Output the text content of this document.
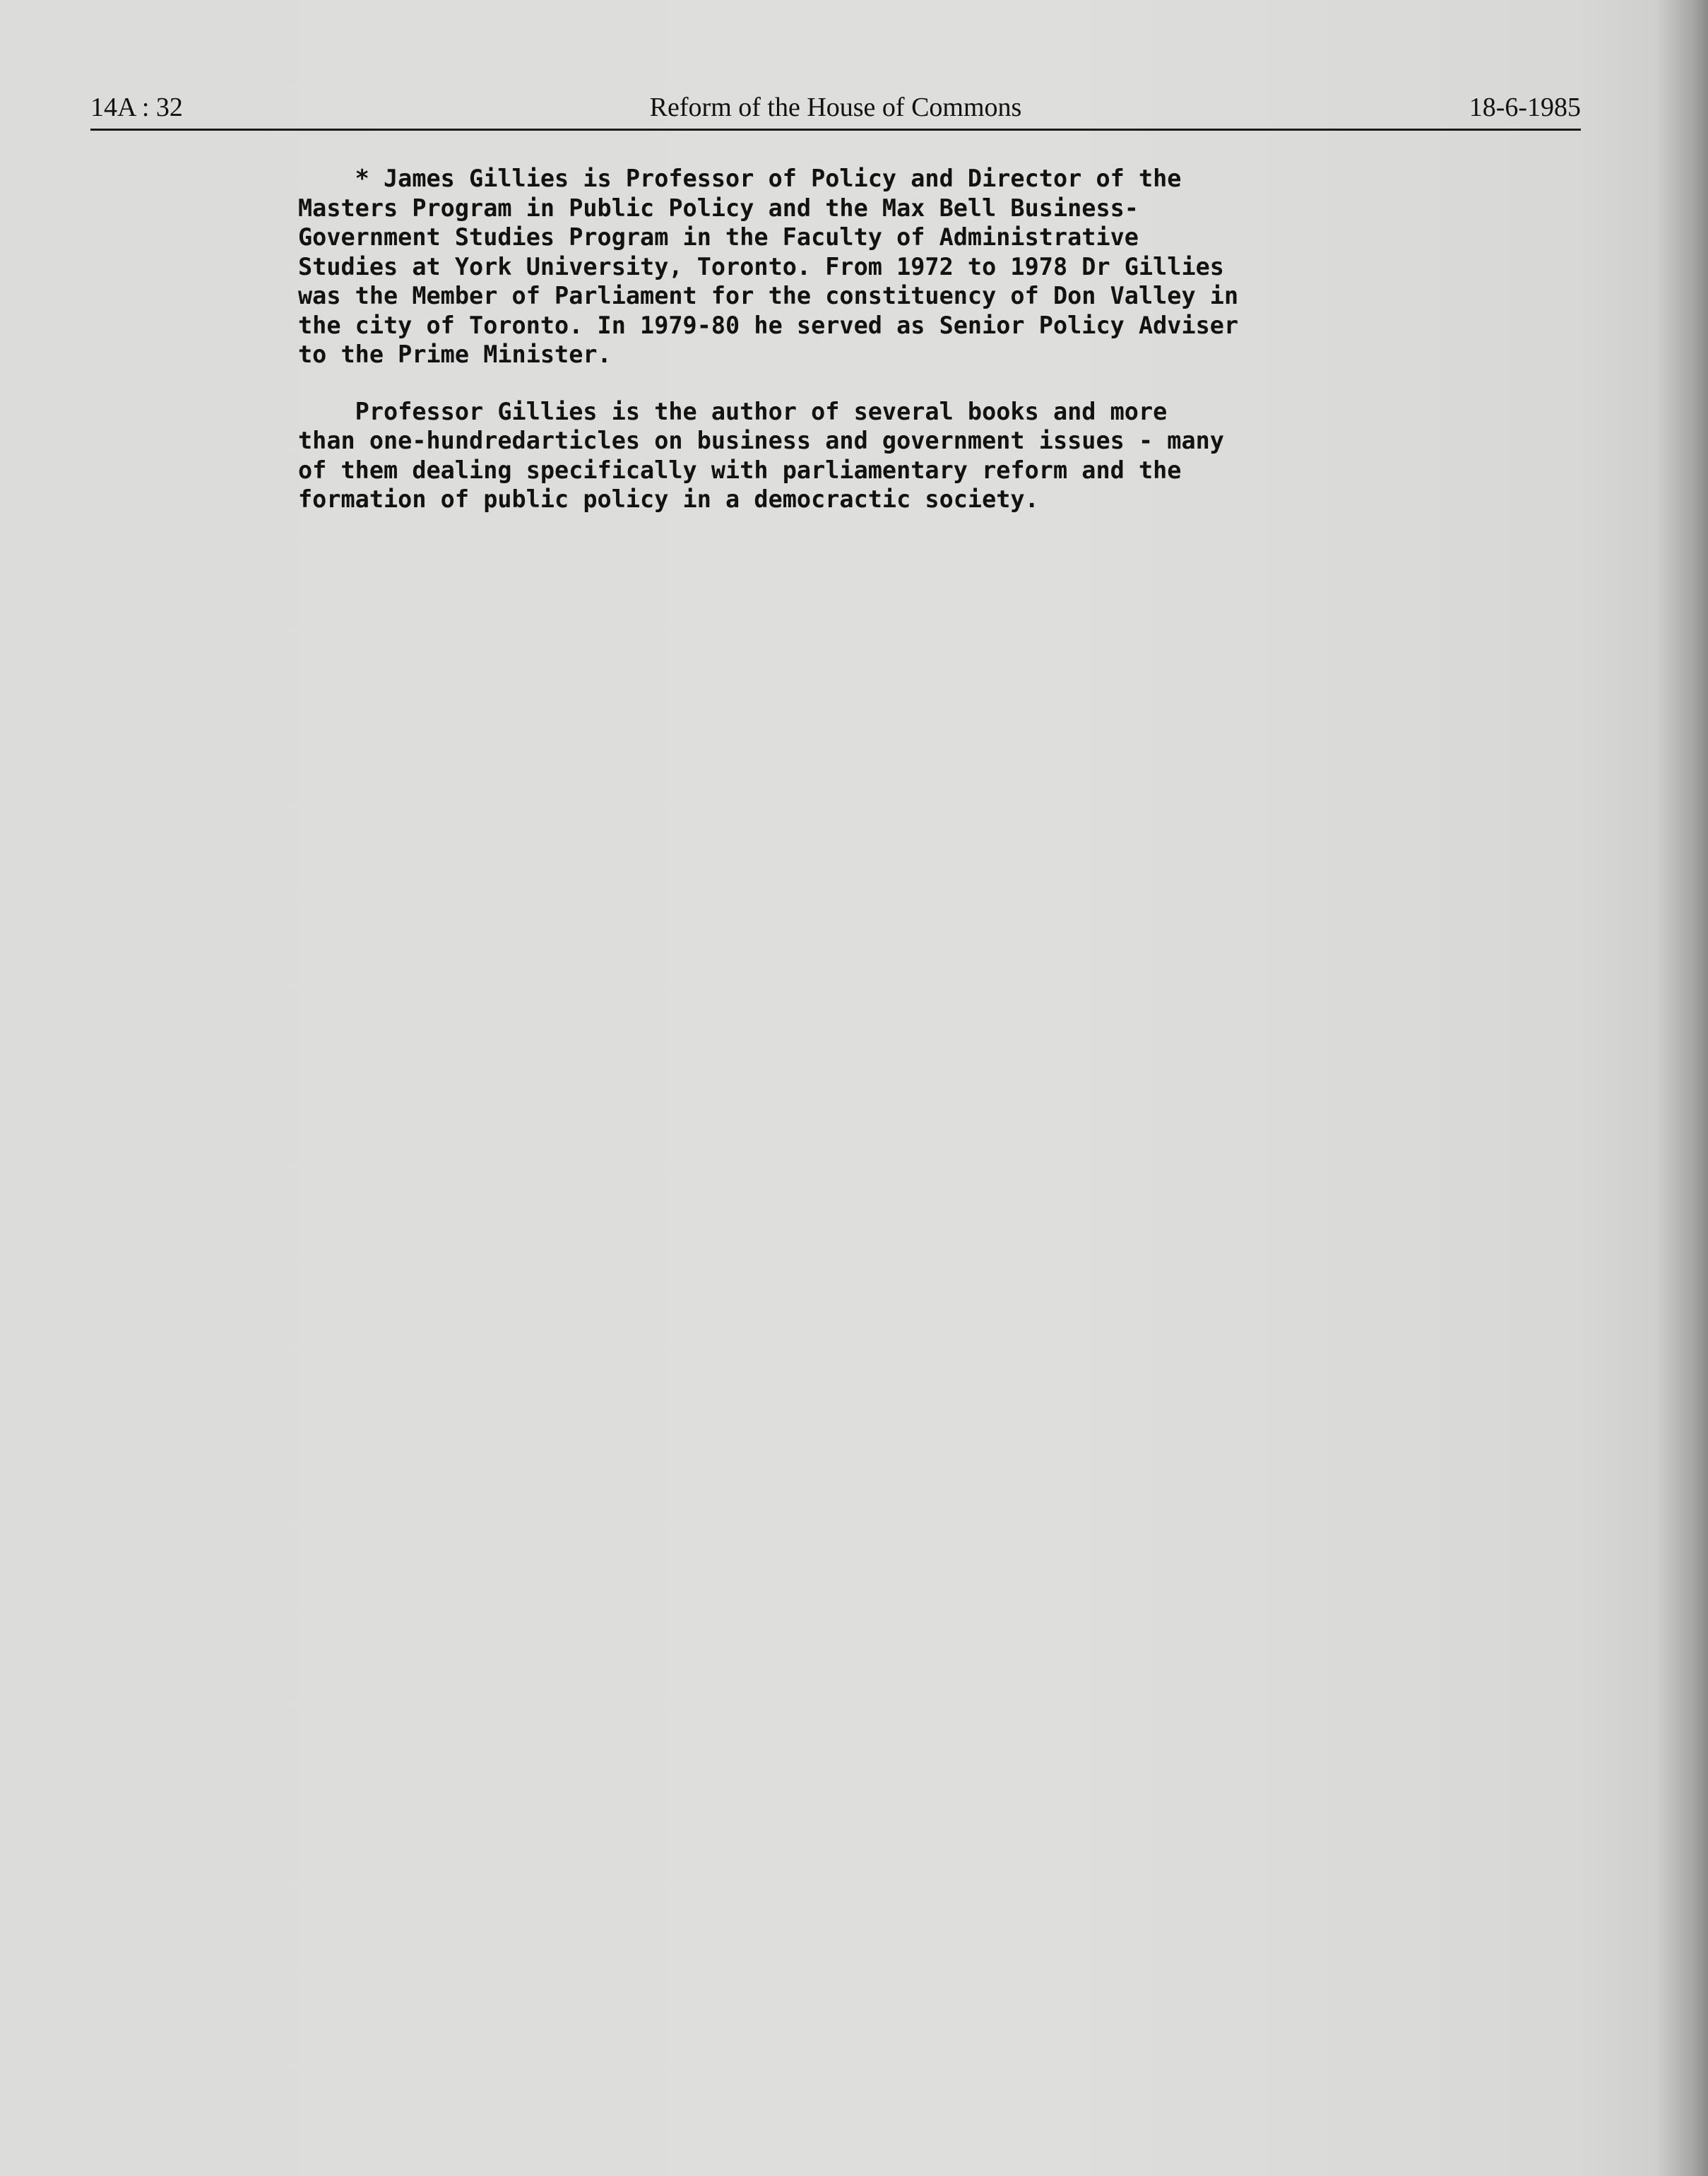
14A : 32	Reform of the House of Commons	18-6-1985

* James Gillies is Professor of Policy and Director of the

Masters Program in Public Policy and the Max Bell Business-

Government Studies Program in the Faculty of Administrative

Studies at York University, Toronto. From 1972 to 1978 Dr Gillies

was the Member of Parliament for the constituency of Don Valley in

the city of Toronto. In 1979-80 he served as Senior Policy Adviser

to the Prime Minister.

Professor Gillies is the author of several books and more

than one-hundredarticles on business and government issues - many

of them dealing specifically with parliamentary reform and the

formation of public policy in a democractic society.
